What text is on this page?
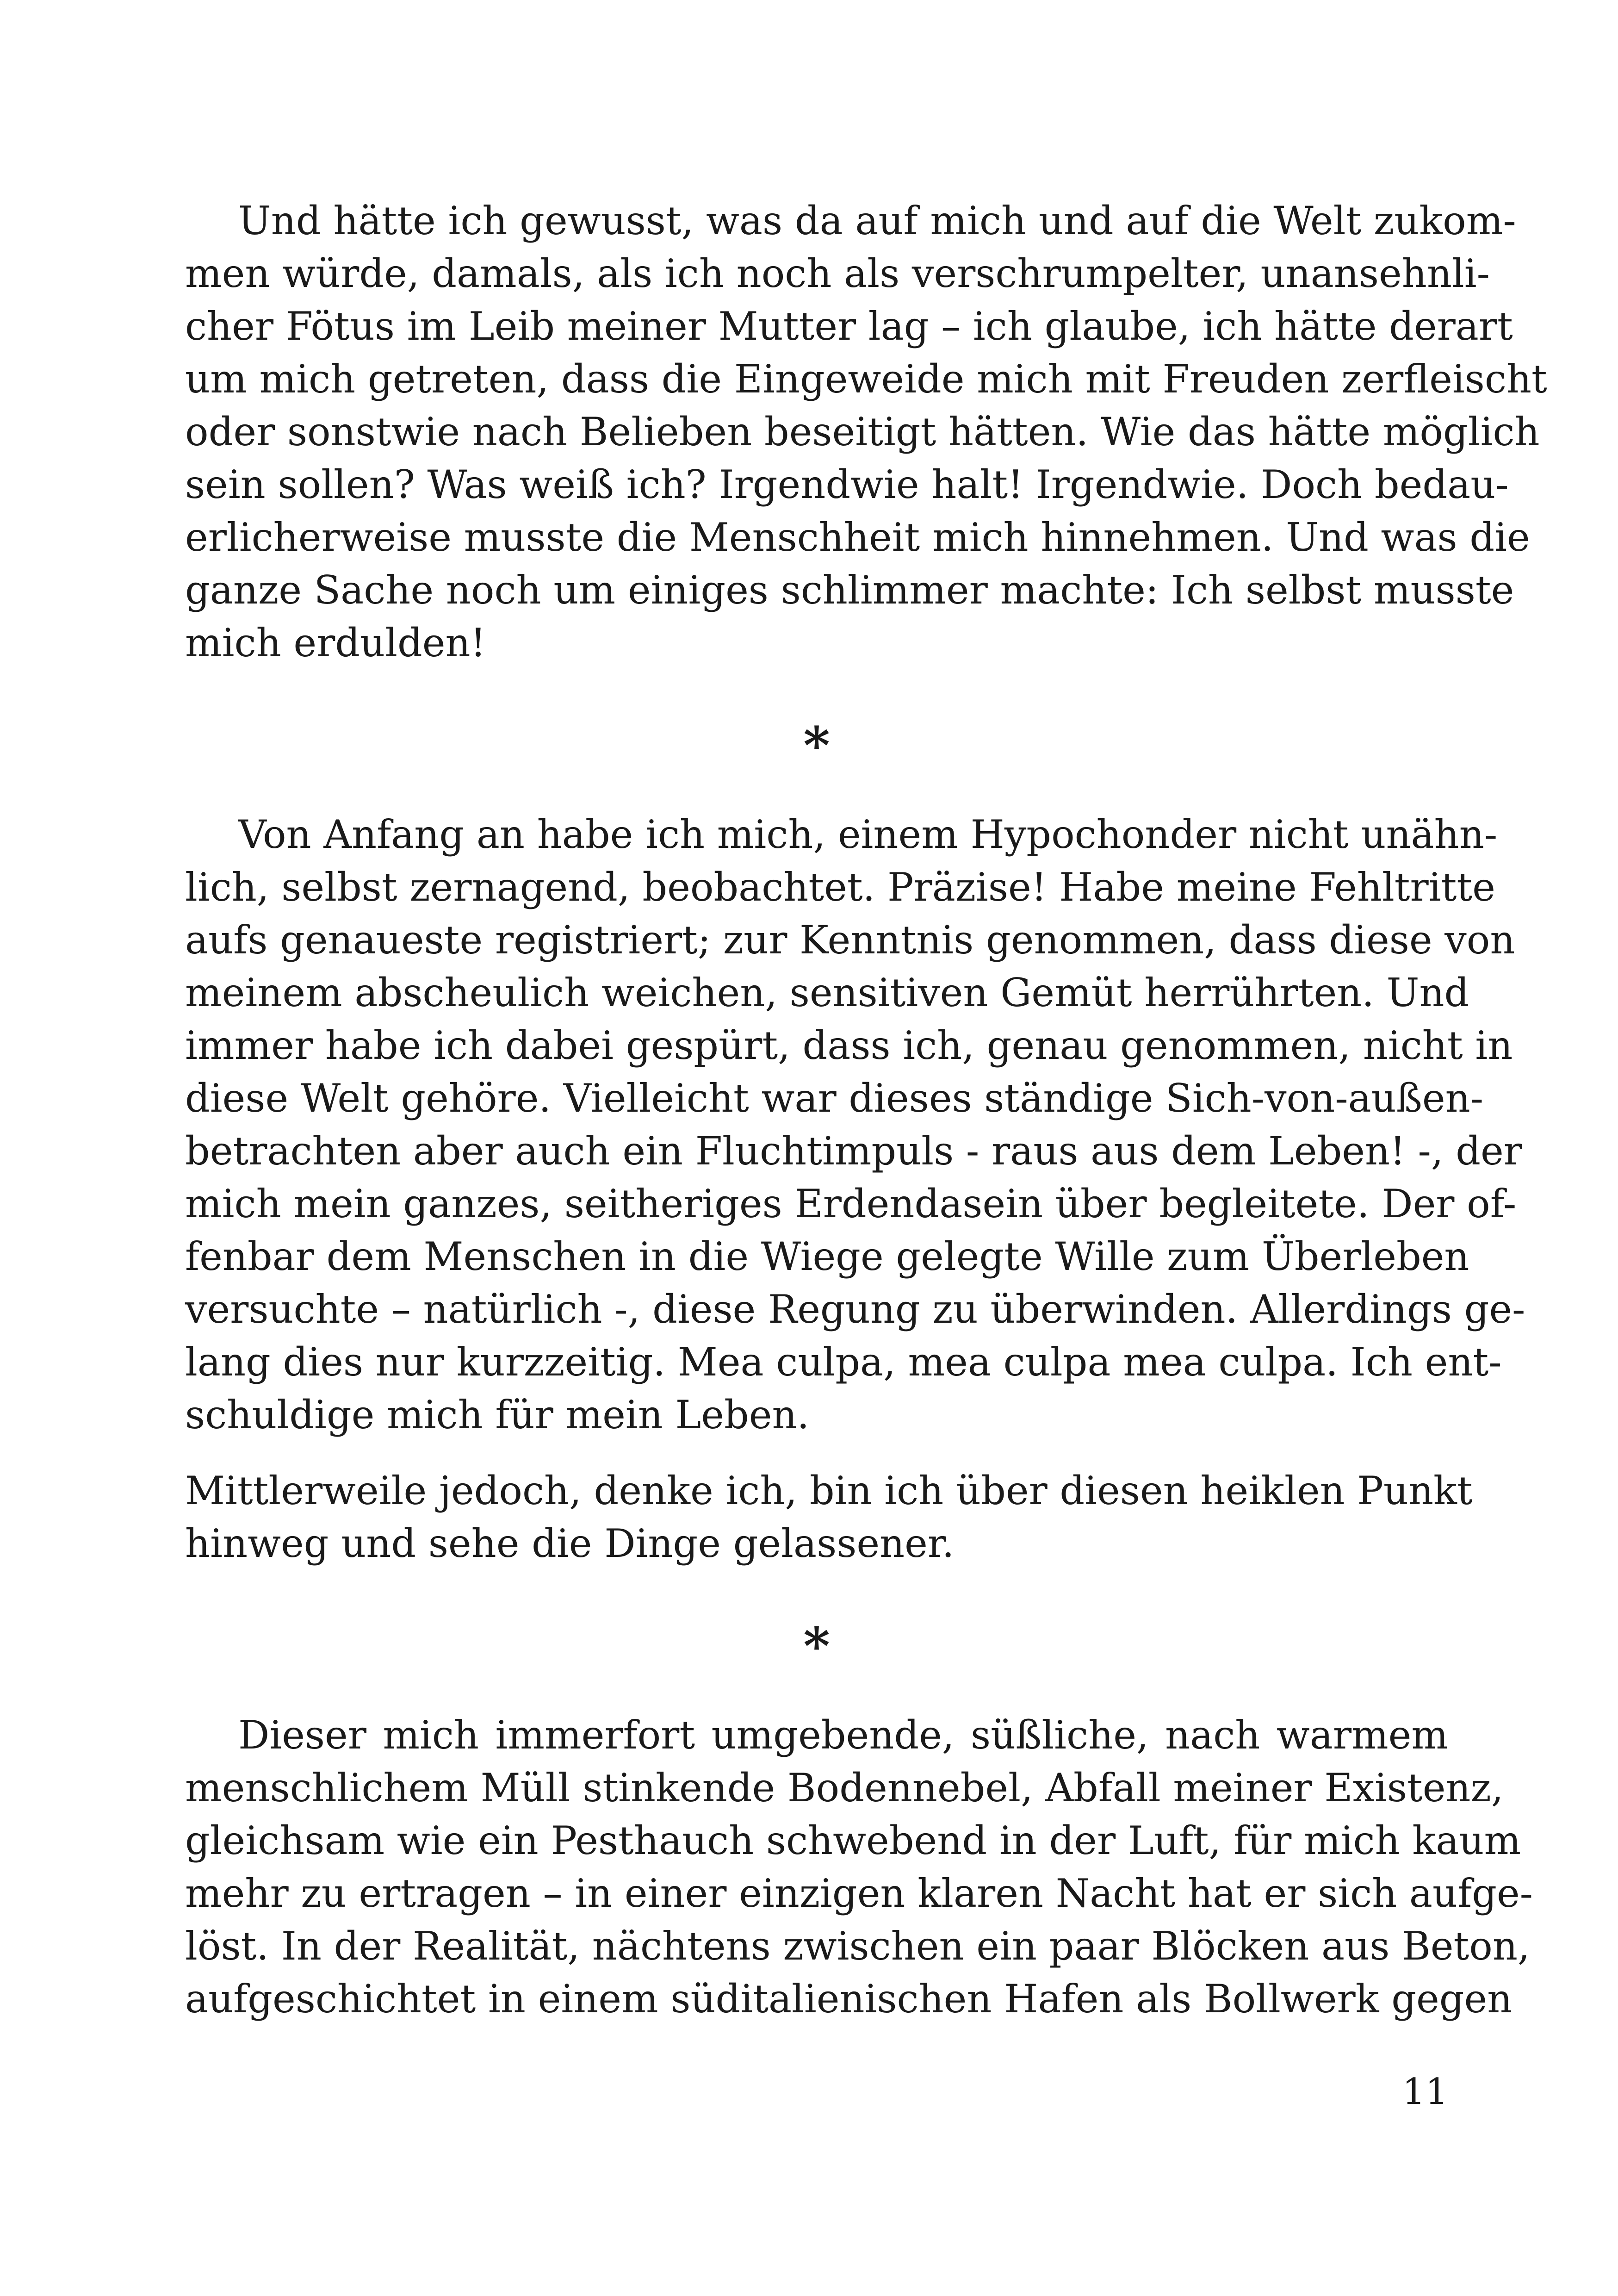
Und hätte ich gewusst, was da auf mich und auf die Welt zukom-
men würde, damals, als ich noch als verschrumpelter, unansehnli-
cher Fötus im Leib meiner Mutter lag – ich glaube, ich hätte derart
um mich getreten, dass die Eingeweide mich mit Freuden zerfleischt
oder sonstwie nach Belieben beseitigt hätten. Wie das hätte möglich
sein sollen? Was weiß ich? Irgendwie halt! Irgendwie. Doch bedau-
erlicherweise musste die Menschheit mich hinnehmen. Und was die
ganze Sache noch um einiges schlimmer machte: Ich selbst musste
mich erdulden!
*
Von Anfang an habe ich mich, einem Hypochonder nicht unähn-
lich, selbst zernagend, beobachtet. Präzise! Habe meine Fehltritte
aufs genaueste registriert; zur Kenntnis genommen, dass diese von
meinem abscheulich weichen, sensitiven Gemüt herrührten. Und
immer habe ich dabei gespürt, dass ich, genau genommen, nicht in
diese Welt gehöre. Vielleicht war dieses ständige Sich-von-außen-
betrachten aber auch ein Fluchtimpuls - raus aus dem Leben! -, der
mich mein ganzes, seitheriges Erdendasein über begleitete. Der of-
fenbar dem Menschen in die Wiege gelegte Wille zum Überleben
versuchte – natürlich -, diese Regung zu überwinden. Allerdings ge-
lang dies nur kurzzeitig. Mea culpa, mea culpa mea culpa. Ich ent-
schuldige mich für mein Leben.
Mittlerweile jedoch, denke ich, bin ich über diesen heiklen Punkt
hinweg und sehe die Dinge gelassener.
*
Dieser mich immerfort umgebende, süßliche, nach warmem
menschlichem Müll stinkende Bodennebel, Abfall meiner Existenz,
gleichsam wie ein Pesthauch schwebend in der Luft, für mich kaum
mehr zu ertragen – in einer einzigen klaren Nacht hat er sich aufge-
löst. In der Realität, nächtens zwischen ein paar Blöcken aus Beton,
aufgeschichtet in einem süditalienischen Hafen als Bollwerk gegen
11
